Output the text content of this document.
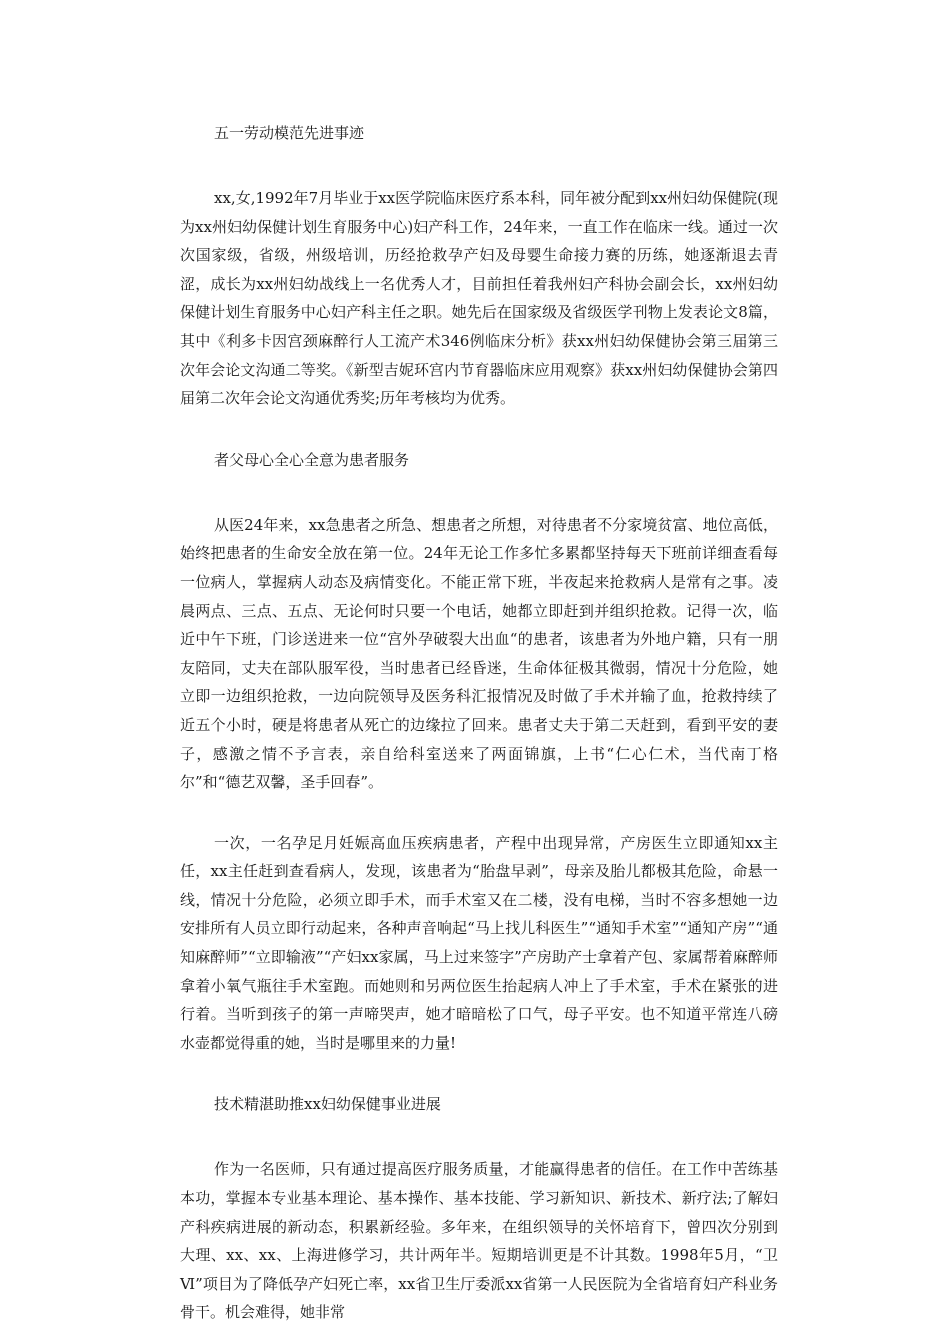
五一劳动模范先进事迹

xx,女,1992年7月毕业于xx医学院临床医疗系本科，同年被分配到xx州妇幼保健院(现为xx州妇幼保健计划生育服务中心)妇产科工作，24年来，一直工作在临床一线。通过一次次国家级，省级，州级培训，历经抢救孕产妇及母婴生命接力赛的历练，她逐渐退去青涩，成长为xx州妇幼战线上一名优秀人才，目前担任着我州妇产科协会副会长，xx州妇幼保健计划生育服务中心妇产科主任之职。她先后在国家级及省级医学刊物上发表论文8篇，其中《利多卡因宫颈麻醉行人工流产术346例临床分析》获xx州妇幼保健协会第三届第三次年会论文沟通二等奖。《新型吉妮环宫内节育器临床应用观察》获xx州妇幼保健协会第四届第二次年会论文沟通优秀奖;历年考核均为优秀。

者父母心全心全意为患者服务

从医24年来，xx急患者之所急、想患者之所想，对待患者不分家境贫富、地位高低，始终把患者的生命安全放在第一位。24年无论工作多忙多累都坚持每天下班前详细查看每一位病人，掌握病人动态及病情变化。不能正常下班，半夜起来抢救病人是常有之事。凌晨两点、三点、五点、无论何时只要一个电话，她都立即赶到并组织抢救。记得一次，临近中午下班，门诊送进来一位“宫外孕破裂大出血“的患者，该患者为外地户籍，只有一朋友陪同，丈夫在部队服军役，当时患者已经昏迷，生命体征极其微弱，情况十分危险，她立即一边组织抢救，一边向院领导及医务科汇报情况及时做了手术并输了血，抢救持续了近五个小时，硬是将患者从死亡的边缘拉了回来。患者丈夫于第二天赶到，看到平安的妻子，感激之情不予言表，亲自给科室送来了两面锦旗，上书“仁心仁术，当代南丁格尔”和“德艺双馨，圣手回春”。

一次，一名孕足月妊娠高血压疾病患者，产程中出现异常，产房医生立即通知xx主任，xx主任赶到查看病人，发现，该患者为“胎盘早剥”，母亲及胎儿都极其危险，命悬一线，情况十分危险，必须立即手术，而手术室又在二楼，没有电梯，当时不容多想她一边安排所有人员立即行动起来，各种声音响起“马上找儿科医生”“通知手术室”“通知产房”“通知麻醉师”“立即输液”“产妇xx家属，马上过来签字”产房助产士拿着产包、家属帮着麻醉师拿着小氧气瓶往手术室跑。而她则和另两位医生抬起病人冲上了手术室，手术在紧张的进行着。当听到孩子的第一声啼哭声，她才暗暗松了口气，母子平安。也不知道平常连八磅水壶都觉得重的她，当时是哪里来的力量!

技术精湛助推xx妇幼保健事业进展

作为一名医师，只有通过提高医疗服务质量，才能赢得患者的信任。在工作中苦练基本功，掌握本专业基本理论、基本操作、基本技能、学习新知识、新技术、新疗法;了解妇产科疾病进展的新动态，积累新经验。多年来，在组织领导的关怀培育下，曾四次分别到大理、xx、xx、上海进修学习，共计两年半。短期培训更是不计其数。1998年5月，“卫Ⅵ”项目为了降低孕产妇死亡率，xx省卫生厅委派xx省第一人民医院为全省培育妇产科业务骨干。机会难得，她非常
